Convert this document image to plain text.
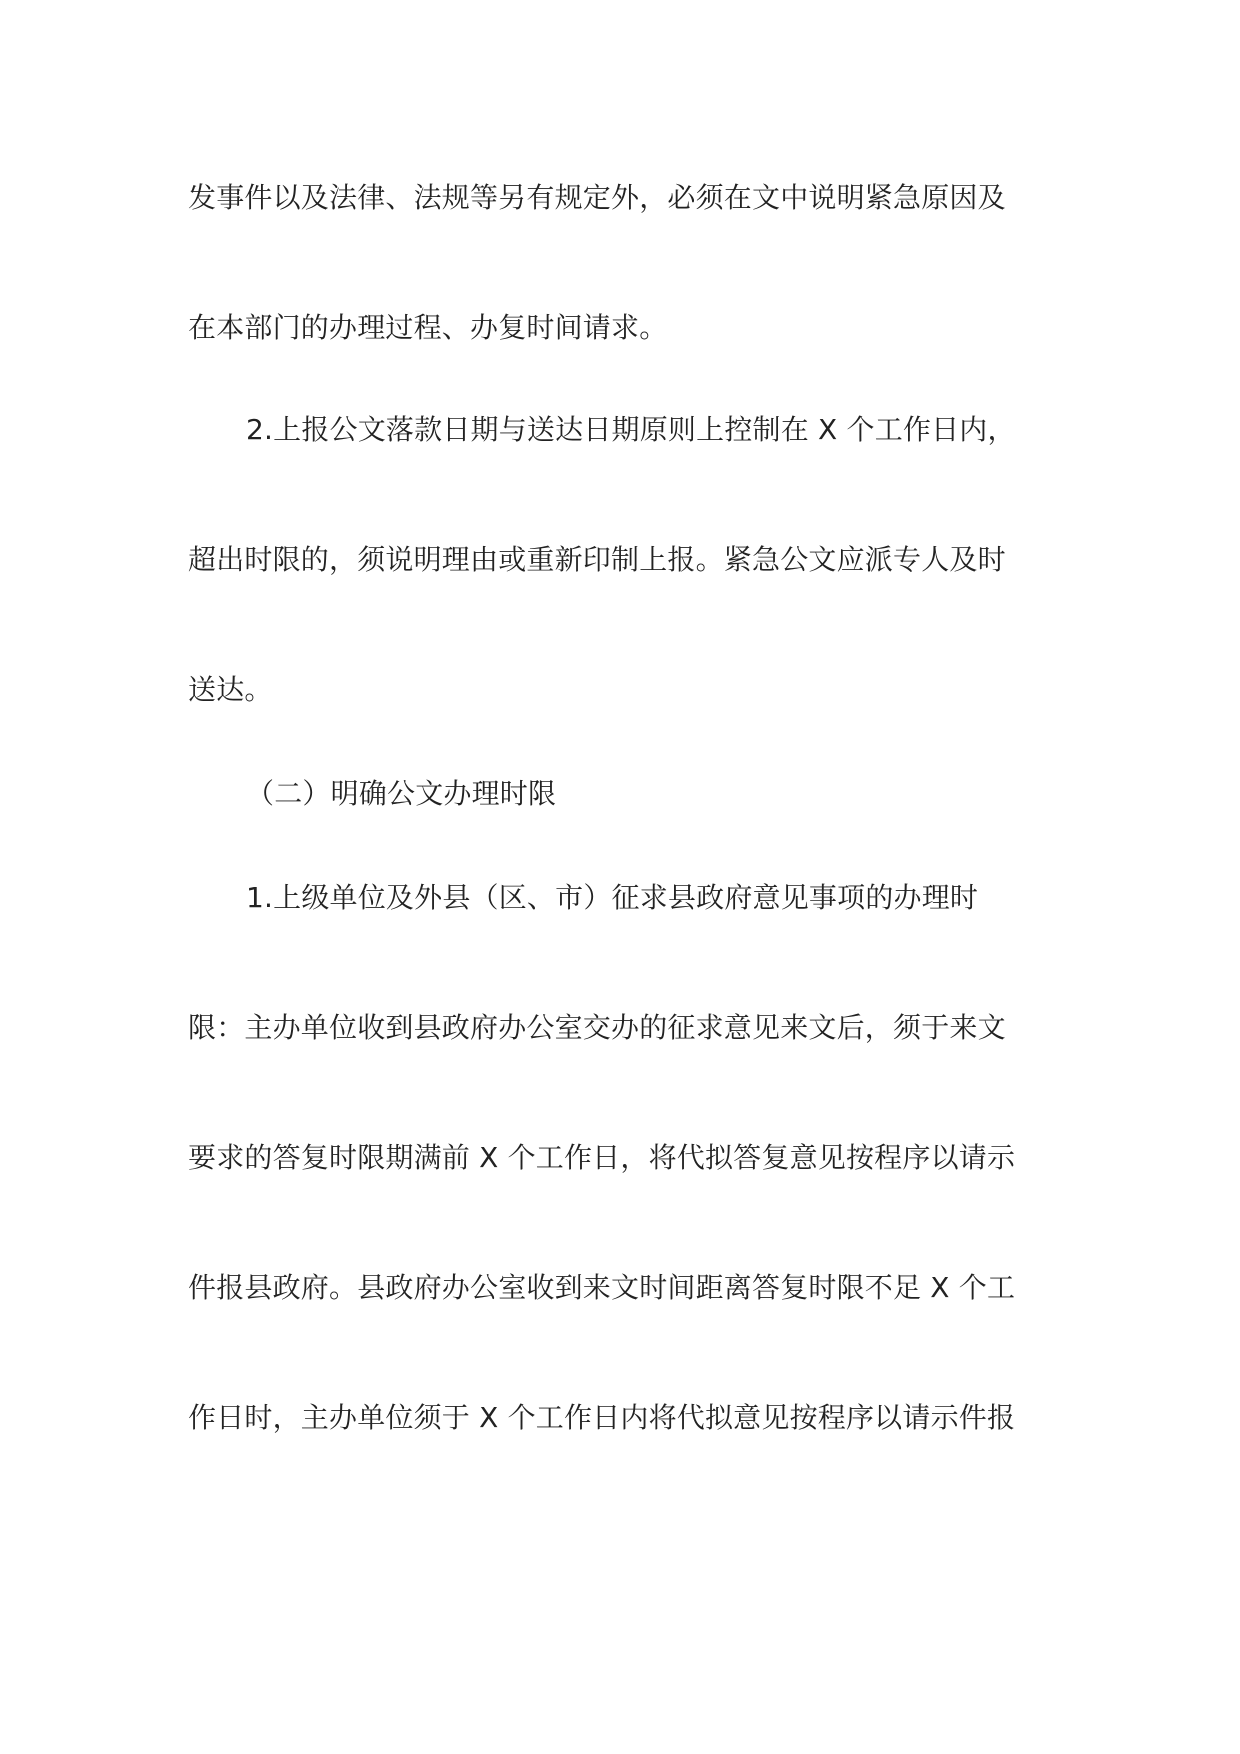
发事件以及法律、法规等另有规定外，必须在文中说明紧急原因及
在本部门的办理过程、办复时间请求。
2.上报公文落款日期与送达日期原则上控制在 X 个工作日内，
超出时限的，须说明理由或重新印制上报。紧急公文应派专人及时
送达。
（二）明确公文办理时限
1.上级单位及外县（区、市）征求县政府意见事项的办理时
限：主办单位收到县政府办公室交办的征求意见来文后，须于来文
要求的答复时限期满前 X 个工作日，将代拟答复意见按程序以请示
件报县政府。县政府办公室收到来文时间距离答复时限不足 X 个工
作日时，主办单位须于 X 个工作日内将代拟意见按程序以请示件报
